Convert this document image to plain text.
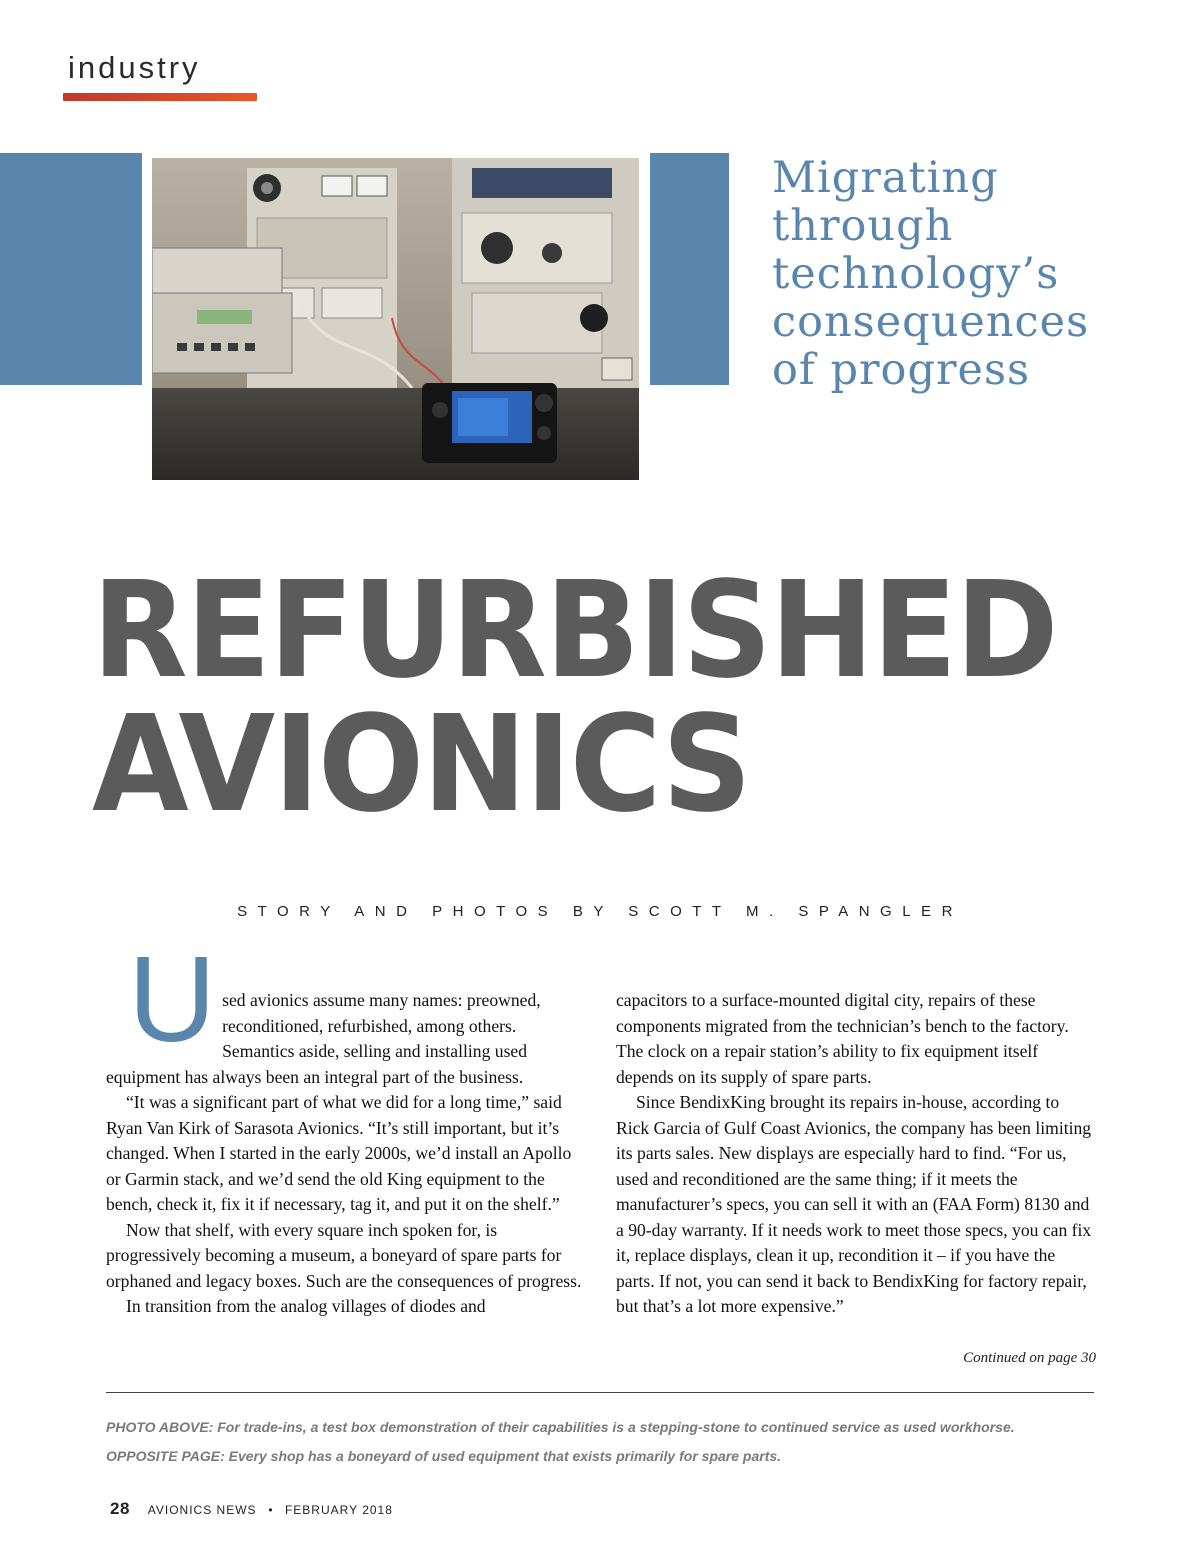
industry
Migrating
through
technology’s
consequences
of progress
REFURBISHED
AVIONICS
STORY AND PHOTOS BY SCOTT M. SPANGLER

Used avionics assume many names: preowned, reconditioned, refurbished, among others. Semantics aside, selling and installing used equipment has always been an integral part of the business.

“It was a significant part of what we did for a long time,” said Ryan Van Kirk of Sarasota Avionics. “It’s still important, but it’s changed. When I started in the early 2000s, we’d install an Apollo or Garmin stack, and we’d send the old King equipment to the bench, check it, fix it if necessary, tag it, and put it on the shelf.”

Now that shelf, with every square inch spoken for, is progressively becoming a museum, a boneyard of spare parts for orphaned and legacy boxes. Such are the consequences of progress.

In transition from the analog villages of diodes and

capacitors to a surface-mounted digital city, repairs of these components migrated from the technician’s bench to the factory. The clock on a repair station’s ability to fix equipment itself depends on its supply of spare parts.

Since BendixKing brought its repairs in-house, according to Rick Garcia of Gulf Coast Avionics, the company has been limiting its parts sales. New displays are especially hard to find. “For us, used and reconditioned are the same thing; if it meets the manufacturer’s specs, you can sell it with an (FAA Form) 8130 and a 90-day warranty. If it needs work to meet those specs, you can fix it, replace displays, clean it up, recondition it – if you have the parts. If not, you can send it back to BendixKing for factory repair, but that’s a lot more expensive.”

Continued on page 30
PHOTO ABOVE: For trade-ins, a test box demonstration of their capabilities is a stepping-stone to continued service as used workhorse.
OPPOSITE PAGE: Every shop has a boneyard of used equipment that exists primarily for spare parts.
28 AVIONICS NEWS • FEBRUARY 2018
